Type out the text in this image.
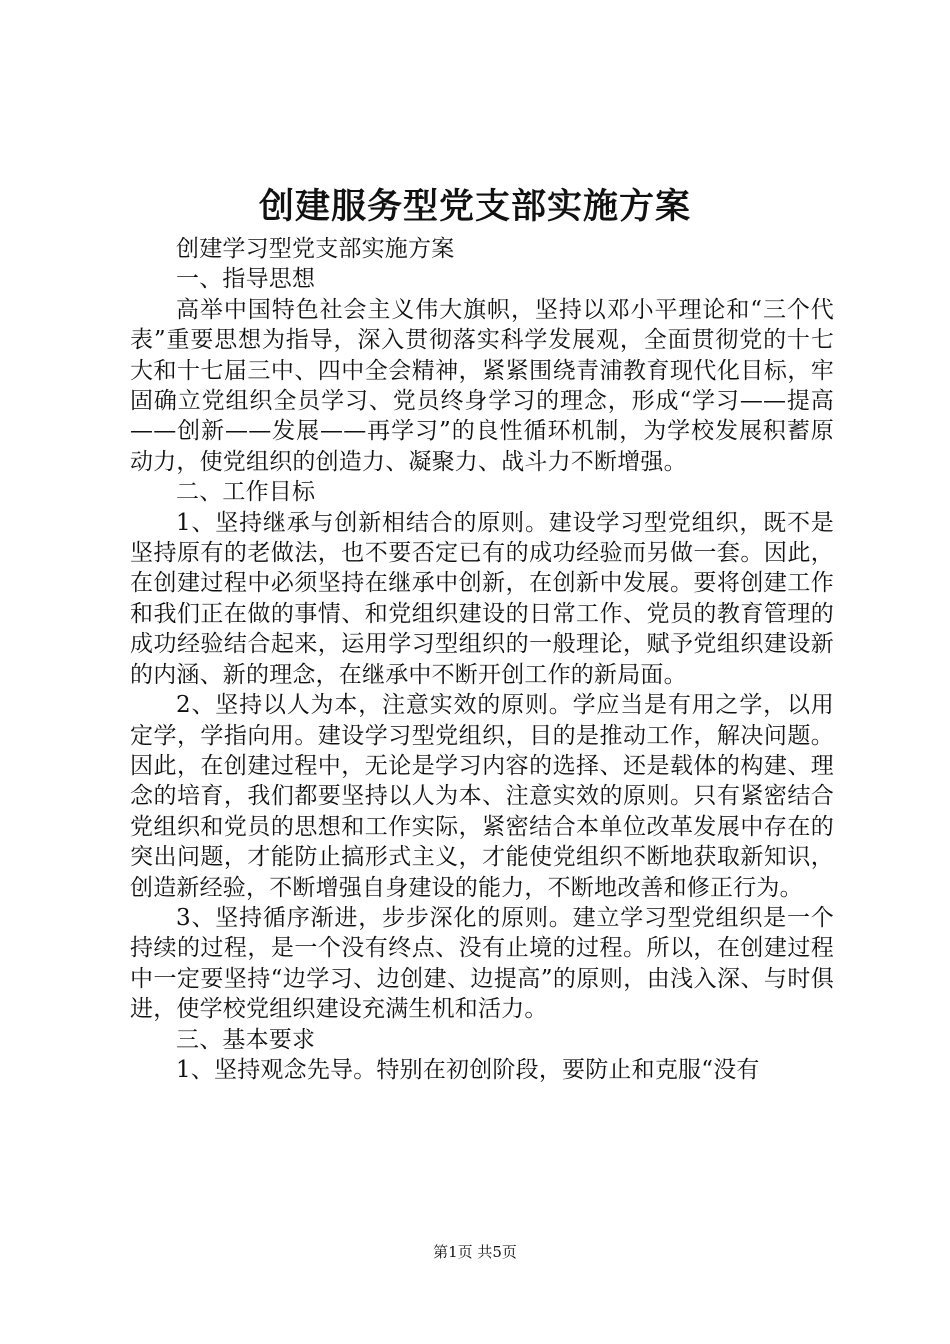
创建服务型党支部实施方案

创建学习型党支部实施方案

一、指导思想

高举中国特色社会主义伟大旗帜，坚持以邓小平理论和“三个代表”重要思想为指导，深入贯彻落实科学发展观，全面贯彻党的十七大和十七届三中、四中全会精神，紧紧围绕青浦教育现代化目标，牢固确立党组织全员学习、党员终身学习的理念，形成“学习——提高——创新——发展——再学习”的良性循环机制，为学校发展积蓄原动力，使党组织的创造力、凝聚力、战斗力不断增强。

二、工作目标

1、坚持继承与创新相结合的原则。建设学习型党组织，既不是坚持原有的老做法，也不要否定已有的成功经验而另做一套。因此，在创建过程中必须坚持在继承中创新，在创新中发展。要将创建工作和我们正在做的事情、和党组织建设的日常工作、党员的教育管理的成功经验结合起来，运用学习型组织的一般理论，赋予党组织建设新的内涵、新的理念，在继承中不断开创工作的新局面。

2、坚持以人为本，注意实效的原则。学应当是有用之学，以用定学，学指向用。建设学习型党组织，目的是推动工作，解决问题。因此，在创建过程中，无论是学习内容的选择、还是载体的构建、理念的培育，我们都要坚持以人为本、注意实效的原则。只有紧密结合党组织和党员的思想和工作实际，紧密结合本单位改革发展中存在的突出问题，才能防止搞形式主义，才能使党组织不断地获取新知识，创造新经验，不断增强自身建设的能力，不断地改善和修正行为。

3、坚持循序渐进，步步深化的原则。建立学习型党组织是一个持续的过程，是一个没有终点、没有止境的过程。所以，在创建过程中一定要坚持“边学习、边创建、边提高”的原则，由浅入深、与时俱进，使学校党组织建设充满生机和活力。

三、基本要求

1、坚持观念先导。特别在初创阶段，要防止和克服“没有

第1页 共5页
